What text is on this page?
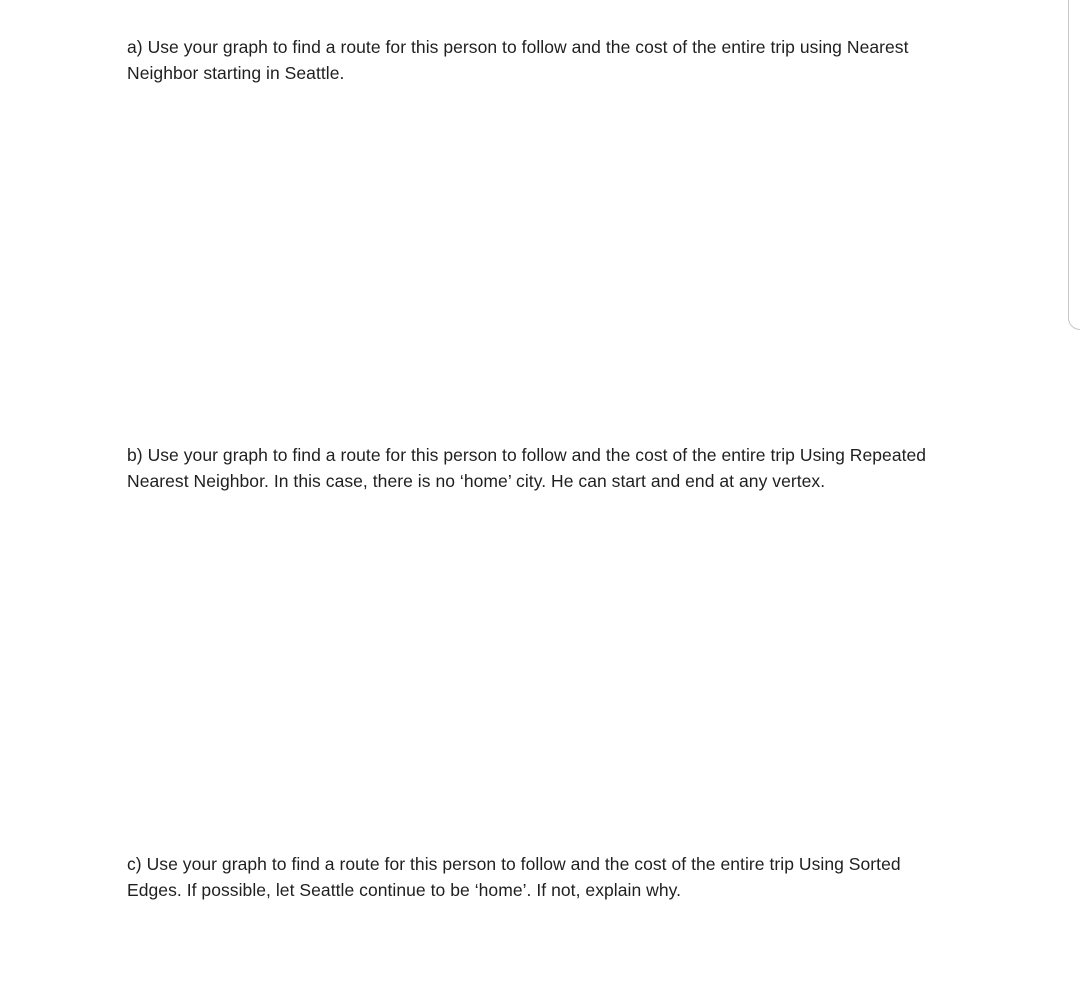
a) Use your graph to find a route for this person to follow and the cost of the entire trip using Nearest

Neighbor starting in Seattle.

b) Use your graph to find a route for this person to follow and the cost of the entire trip Using Repeated

Nearest Neighbor. In this case, there is no ‘home’ city. He can start and end at any vertex.

c) Use your graph to find a route for this person to follow and the cost of the entire trip Using Sorted

Edges. If possible, let Seattle continue to be ‘home’. If not, explain why.
